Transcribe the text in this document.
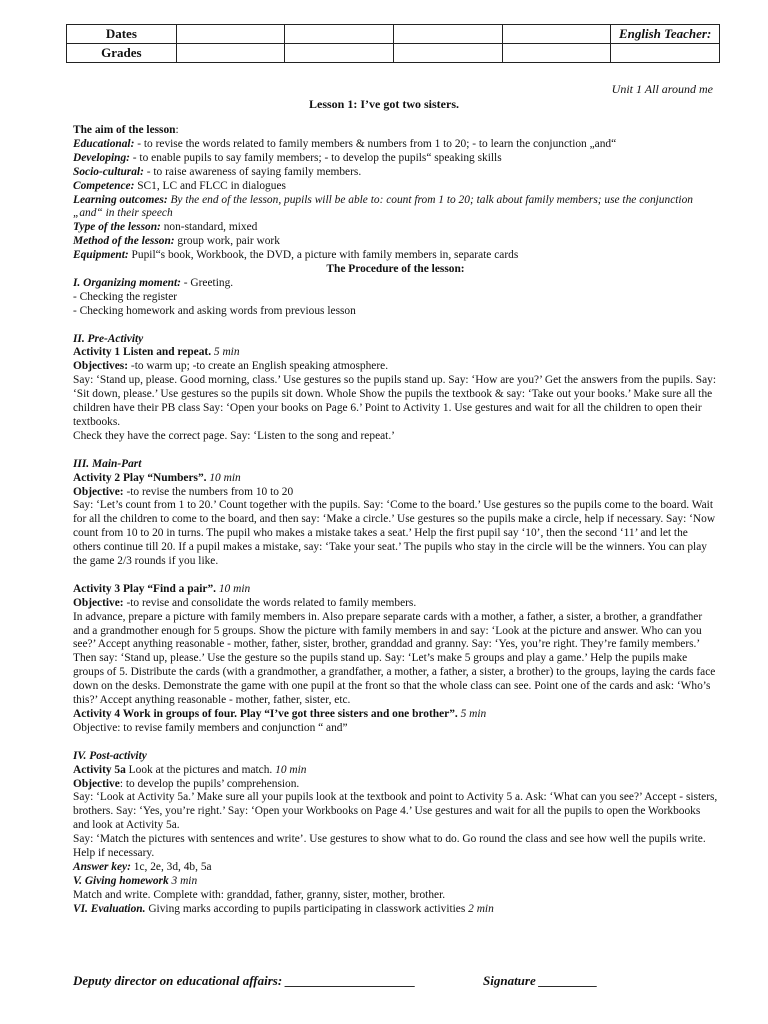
Dates					English Teacher:
Grades					
Unit 1 All around me
Lesson 1: I’ve got two sisters.

The aim of the lesson:

Educational: - to revise the words related to family members & numbers from 1 to 20; - to learn the conjunction „and“

Developing: - to enable pupils to say family members; - to develop the pupils“ speaking skills

Socio-cultural: - to raise awareness of saying family members.

Competence: SC1, LC and FLCC in dialogues

Learning outcomes: By the end of the lesson, pupils will be able to: count from 1 to 20; talk about family members; use the conjunction „and“ in their speech

Type of the lesson: non-standard, mixed

Method of the lesson: group work, pair work

Equipment: Pupil“s book, Workbook, the DVD, a picture with family members in, separate cards

The Procedure of the lesson:

I. Organizing moment: - Greeting.

- Checking the register

- Checking homework and asking words from previous lesson

II. Pre-Activity

Activity 1 Listen and repeat. 5 min

Objectives: -to warm up; -to create an English speaking atmosphere.

Say: ‘Stand up, please. Good morning, class.’ Use gestures so the pupils stand up. Say: ‘How are you?’ Get the answers from the pupils. Say: ‘Sit down, please.’ Use gestures so the pupils sit down. Whole Show the pupils the textbook & say: ‘Take out your books.’ Make sure all the children have their PB class Say: ‘Open your books on Page 6.’ Point to Activity 1. Use gestures and wait for all the children to open their textbooks.

Check they have the correct page. Say: ‘Listen to the song and repeat.’

III. Main-Part

Activity 2 Play “Numbers”. 10 min

Objective: -to revise the numbers from 10 to 20

Say: ‘Let’s count from 1 to 20.’ Count together with the pupils. Say: ‘Come to the board.’ Use gestures so the pupils come to the board. Wait for all the children to come to the board, and then say: ‘Make a circle.’ Use gestures so the pupils make a circle, help if necessary. Say: ‘Now count from 10 to 20 in turns. The pupil who makes a mistake takes a seat.’ Help the first pupil say ‘10’, then the second ‘11’ and let the others continue till 20. If a pupil makes a mistake, say: ‘Take your seat.’ The pupils who stay in the circle will be the winners. You can play the game 2/3 rounds if you like.

Activity 3 Play “Find a pair”. 10 min

Objective: -to revise and consolidate the words related to family members.

In advance, prepare a picture with family members in. Also prepare separate cards with a mother, a father, a sister, a brother, a grandfather and a grandmother enough for 5 groups. Show the picture with family members in and say: ‘Look at the picture and answer. Who can you see?’ Accept anything reasonable - mother, father, sister, brother, granddad and granny. Say: ‘Yes, you’re right. They’re family members.’ Then say: ‘Stand up, please.’ Use the gesture so the pupils stand up. Say: ‘Let’s make 5 groups and play a game.’ Help the pupils make groups of 5. Distribute the cards (with a grandmother, a grandfather, a mother, a father, a sister, a brother) to the groups, laying the cards face down on the desks. Demonstrate the game with one pupil at the front so that the whole class can see. Point one of the cards and ask: ‘Who’s this?’ Accept anything reasonable - mother, father, sister, etc.

Activity 4 Work in groups of four. Play “I’ve got three sisters and one brother”. 5 min

Objective: to revise family members and conjunction “ and”

IV. Post-activity

Activity 5a Look at the pictures and match. 10 min

Objective: to develop the pupils’ comprehension.

Say: ‘Look at Activity 5a.’ Make sure all your pupils look at the textbook and point to Activity 5 a. Ask: ‘What can you see?’ Accept - sisters, brothers. Say: ‘Yes, you’re right.’ Say: ‘Open your Workbooks on Page 4.’ Use gestures and wait for all the pupils to open the Workbooks and look at Activity 5a.

Say: ‘Match the pictures with sentences and write’. Use gestures to show what to do. Go round the class and see how well the pupils write. Help if necessary.

Answer key: 1c, 2e, 3d, 4b, 5a

V. Giving homework 3 min

Match and write. Complete with: granddad, father, granny, sister, mother, brother.

VI. Evaluation. Giving marks according to pupils participating in classwork activities 2 min

Deputy director on educational affairs: ____________________	Signature _________
